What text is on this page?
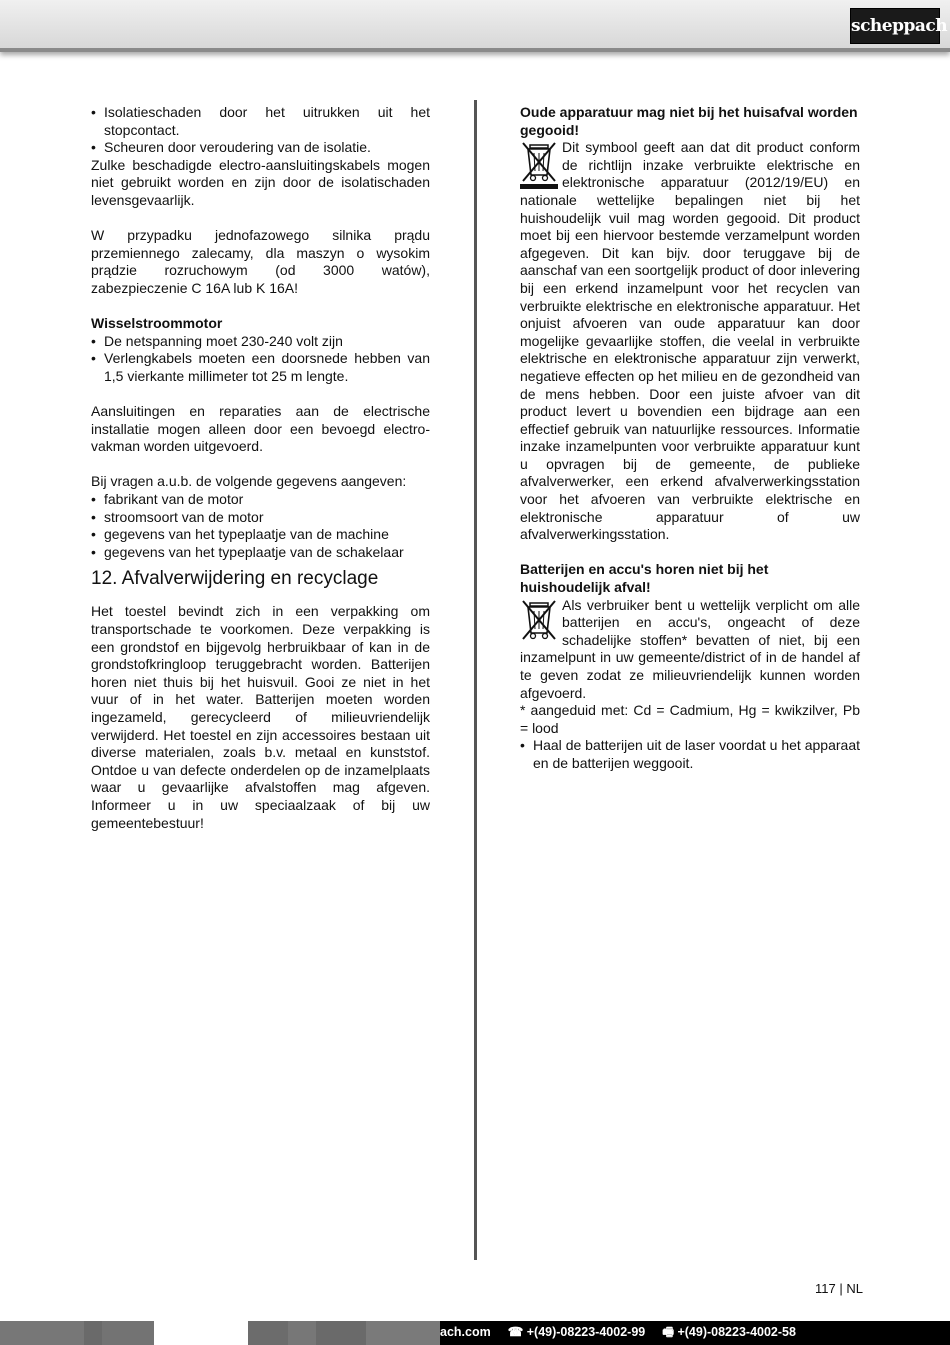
scheppach
• Isolatieschaden door het uitrukken uit het stopcontact.
• Scheuren door veroudering van de isolatie.

Zulke beschadigde electro-aansluitingskabels mogen niet gebruikt worden en zijn door de isolatischaden levensgevaarlijk.

W przypadku jednofazowego silnika prądu przemiennego zalecamy, dla maszyn o wysokim prądzie rozruchowym (od 3000 watów), zabezpieczenie C 16A lub K 16A!

Wisselstroommotor

• De netspanning moet 230-240 volt zijn
• Verlengkabels moeten een doorsnede hebben van 1,5 vierkante millimeter tot 25 m lengte.

Aansluitingen en reparaties aan de electrische installatie mogen alleen door een bevoegd electro-vakman worden uitgevoerd.

Bij vragen a.u.b. de volgende gegevens aangeven:

• fabrikant van de motor
• stroomsoort van de motor
• gegevens van het typeplaatje van de machine
• gegevens van het typeplaatje van de schakelaar
12. Afvalverwijdering en recyclage

Het toestel bevindt zich in een verpakking om transportschade te voorkomen. Deze verpakking is een grondstof en bijgevolg herbruikbaar of kan in de grondstofkringloop teruggebracht worden. Batterijen horen niet thuis bij het huisvuil. Gooi ze niet in het vuur of in het water. Batterijen moeten worden ingezameld, gerecycleerd of milieuvriendelijk verwijderd. Het toestel en zijn accessoires bestaan uit diverse materialen, zoals b.v. metaal en kunststof. Ontdoe u van defecte onderdelen op de inzamelplaats waar u gevaarlijke afvalstoffen mag afgeven. Informeer u in uw speciaalzaak of bij uw gemeentebestuur!

Oude apparatuur mag niet bij het huisafval worden gegooid!

Dit symbool geeft aan dat dit product conform de richtlijn inzake verbruikte elektrische en elektronische apparatuur (2012/19/EU) en nationale wettelijke bepalingen niet bij het huishoudelijk vuil mag worden gegooid. Dit product moet bij een hiervoor bestemde verzamelpunt worden afgegeven. Dit kan bijv. door teruggave bij de aanschaf van een soortgelijk product of door inlevering bij een erkend inzamelpunt voor het recyclen van verbruikte elektrische en elektronische apparatuur. Het onjuist afvoeren van oude apparatuur kan door mogelijke gevaarlijke stoffen, die veelal in verbruikte elektrische en elektronische apparatuur zijn verwerkt, negatieve effecten op het milieu en de gezondheid van de mens hebben. Door een juiste afvoer van dit product levert u bovendien een bijdrage aan een effectief gebruik van natuurlijke ressources. Informatie inzake inzamelpunten voor verbruikte apparatuur kunt u opvragen bij de gemeente, de publieke afvalverwerker, een erkend afvalverwerkingsstation voor het afvoeren van verbruikte elektrische en elektronische apparatuur of uw afvalverwerkingsstation.

Batterijen en accu's horen niet bij het huishoudelijk afval!

Als verbruiker bent u wettelijk verplicht om alle batterijen en accu's, ongeacht of deze schadelijke stoffen* bevatten of niet, bij een inzamelpunt in uw gemeente/district of in de handel af te geven zodat ze milieuvriendelijk kunnen worden afgevoerd.

* aangeduid met: Cd = Cadmium, Hg = kwikzilver, Pb = lood

• Haal de batterijen uit de laser voordat u het apparaat en de batterijen weggooit.
117 | NL
ach.com ☎ +(49)-08223-4002-99 🖷 +(49)-08223-4002-58
